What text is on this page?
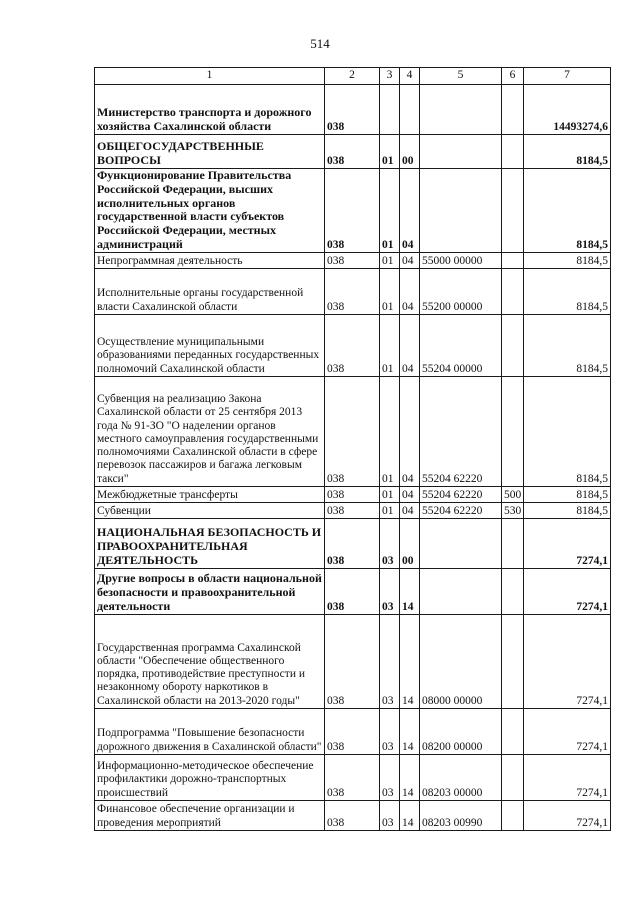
514
1	2	3	4	5	6	7
Министерство транспорта и дорожного хозяйства Сахалинской области	038					14493274,6
ОБЩЕГОСУДАРСТВЕННЫЕ ВОПРОСЫ	038	01	00			8184,5
Функционирование Правительства Российской Федерации, высших исполнительных органов государственной власти субъектов Российской Федерации, местных администраций	038	01	04			8184,5
Непрограммная деятельность	038	01	04	55000 00000		8184,5
Исполнительные органы государственной власти Сахалинской области	038	01	04	55200 00000		8184,5
Осуществление муниципальными образованиями переданных государственных полномочий Сахалинской области	038	01	04	55204 00000		8184,5
Субвенция на реализацию Закона Сахалинской области от 25 сентября 2013 года № 91-ЗО "О наделении органов местного самоуправления государственными полномочиями Сахалинской области в сфере перевозок пассажиров и багажа легковым такси"	038	01	04	55204 62220		8184,5
Межбюджетные трансферты	038	01	04	55204 62220	500	8184,5
Субвенции	038	01	04	55204 62220	530	8184,5
НАЦИОНАЛЬНАЯ БЕЗОПАСНОСТЬ И ПРАВООХРАНИТЕЛЬНАЯ ДЕЯТЕЛЬНОСТЬ	038	03	00			7274,1
Другие вопросы в области национальной безопасности и правоохранительной деятельности	038	03	14			7274,1
Государственная программа Сахалинской области "Обеспечение общественного порядка, противодействие преступности и незаконному обороту наркотиков в Сахалинской области на 2013-2020 годы"	038	03	14	08000 00000		7274,1
Подпрограмма "Повышение безопасности дорожного движения в Сахалинской области"	038	03	14	08200 00000		7274,1
Информационно-методическое обеспечение профилактики дорожно-транспортных происшествий	038	03	14	08203 00000		7274,1
Финансовое обеспечение организации и проведения мероприятий	038	03	14	08203 00990		7274,1
